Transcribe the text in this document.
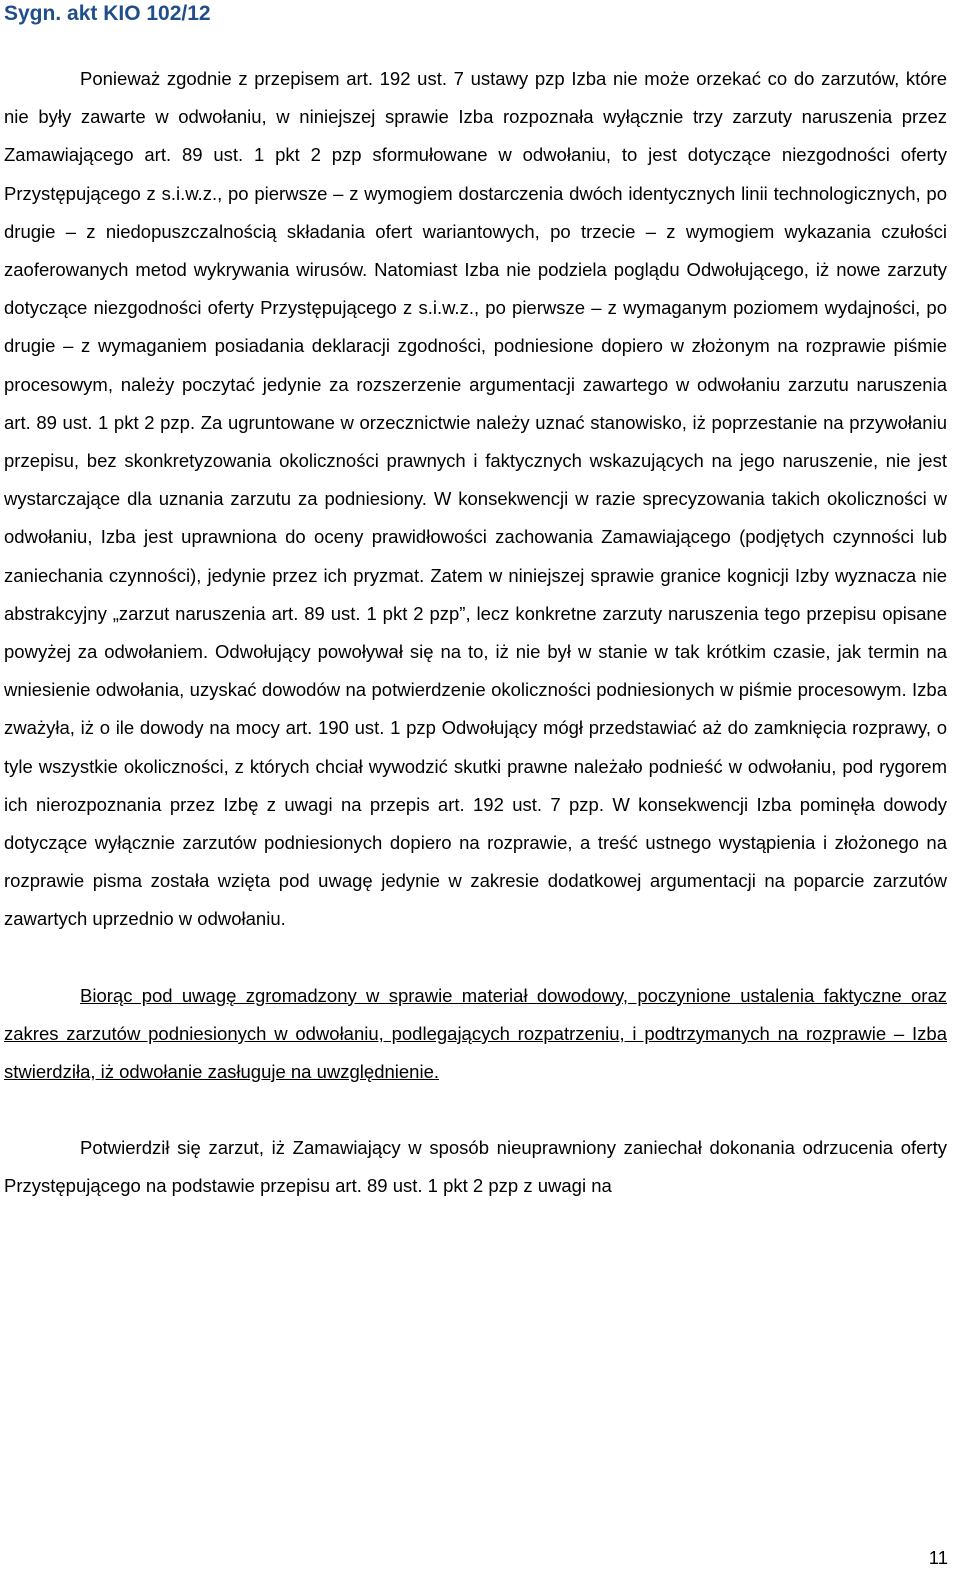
Sygn. akt KIO 102/12

Ponieważ zgodnie z przepisem art. 192 ust. 7 ustawy pzp Izba nie może orzekać co do zarzutów, które nie były zawarte w odwołaniu, w niniejszej sprawie Izba rozpoznała wyłącznie trzy zarzuty naruszenia przez Zamawiającego art. 89 ust. 1 pkt 2 pzp sformułowane w odwołaniu, to jest dotyczące niezgodności oferty Przystępującego z s.i.w.z., po pierwsze – z wymogiem dostarczenia dwóch identycznych linii technologicznych, po drugie – z niedopuszczalnością składania ofert wariantowych, po trzecie – z wymogiem wykazania czułości zaoferowanych metod wykrywania wirusów. Natomiast Izba nie podziela poglądu Odwołującego, iż nowe zarzuty dotyczące niezgodności oferty Przystępującego z s.i.w.z., po pierwsze – z wymaganym poziomem wydajności, po drugie – z wymaganiem posiadania deklaracji zgodności, podniesione dopiero w złożonym na rozprawie piśmie procesowym, należy poczytać jedynie za rozszerzenie argumentacji zawartego w odwołaniu zarzutu naruszenia art. 89 ust. 1 pkt 2 pzp. Za ugruntowane w orzecznictwie należy uznać stanowisko, iż poprzestanie na przywołaniu przepisu, bez skonkretyzowania okoliczności prawnych i faktycznych wskazujących na jego naruszenie, nie jest wystarczające dla uznania zarzutu za podniesiony. W konsekwencji w razie sprecyzowania takich okoliczności w odwołaniu, Izba jest uprawniona do oceny prawidłowości zachowania Zamawiającego (podjętych czynności lub zaniechania czynności), jedynie przez ich pryzmat. Zatem w niniejszej sprawie granice kognicji Izby wyznacza nie abstrakcyjny „zarzut naruszenia art. 89 ust. 1 pkt 2 pzp”, lecz konkretne zarzuty naruszenia tego przepisu opisane powyżej za odwołaniem. Odwołujący powoływał się na to, iż nie był w stanie w tak krótkim czasie, jak termin na wniesienie odwołania, uzyskać dowodów na potwierdzenie okoliczności podniesionych w piśmie procesowym. Izba zważyła, iż o ile dowody na mocy art. 190 ust. 1 pzp Odwołujący mógł przedstawiać aż do zamknięcia rozprawy, o tyle wszystkie okoliczności, z których chciał wywodzić skutki prawne należało podnieść w odwołaniu, pod rygorem ich nierozpoznania przez Izbę z uwagi na przepis art. 192 ust. 7 pzp. W konsekwencji Izba pominęła dowody dotyczące wyłącznie zarzutów podniesionych dopiero na rozprawie, a treść ustnego wystąpienia i złożonego na rozprawie pisma została wzięta pod uwagę jedynie w zakresie dodatkowej argumentacji na poparcie zarzutów zawartych uprzednio w odwołaniu.

Biorąc pod uwagę zgromadzony w sprawie materiał dowodowy, poczynione ustalenia faktyczne oraz zakres zarzutów podniesionych w odwołaniu, podlegających rozpatrzeniu, i podtrzymanych na rozprawie – Izba stwierdziła, iż odwołanie zasługuje na uwzględnienie.

Potwierdził się zarzut, iż Zamawiający w sposób nieuprawniony zaniechał dokonania odrzucenia oferty Przystępującego na podstawie przepisu art. 89 ust. 1 pkt 2 pzp z uwagi na

11
